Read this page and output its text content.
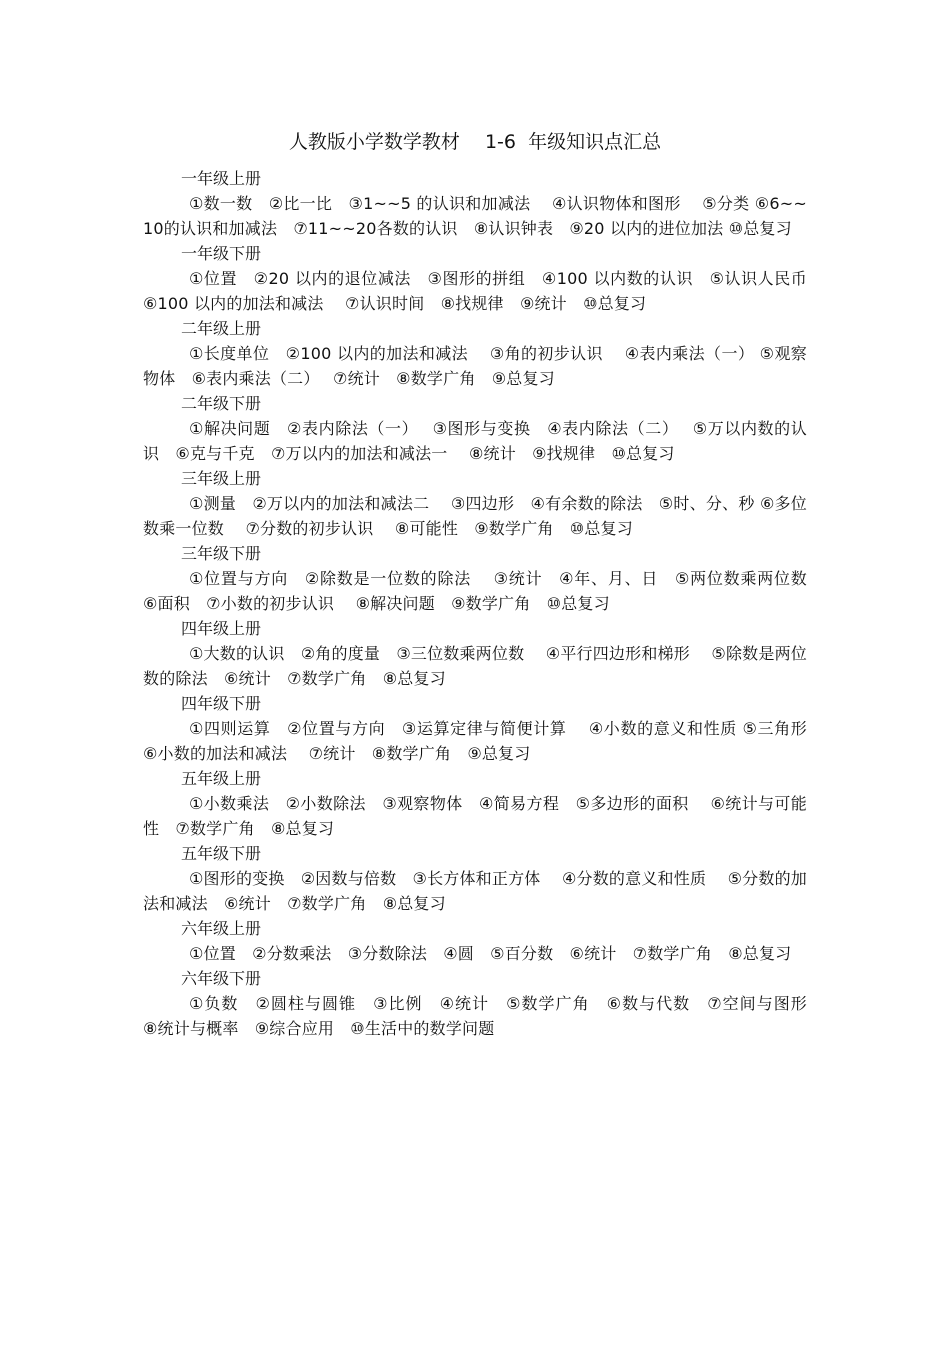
人教版小学数学教材　 1-6  年级知识点汇总

一年级上册

①数一数　②比一比　③1~~5 的认识和加减法　 ④认识物体和图形　 ⑤分类 ⑥6~~10的认识和加减法　⑦11~~20各数的认识　⑧认识钟表　⑨20 以内的进位加法 ⑩总复习

一年级下册

①位置　②20 以内的退位减法　③图形的拼组　④100 以内数的认识　⑤认识人民币　⑥100 以内的加法和减法　 ⑦认识时间　⑧找规律　⑨统计　⑩总复习

二年级上册

①长度单位　②100 以内的加法和减法　 ③角的初步认识　 ④表内乘法（一） ⑤观察物体　⑥表内乘法（二）　 ⑦统计　⑧数学广角　⑨总复习

二年级下册

①解决问题　②表内除法（一）　 ③图形与变换　④表内除法（二）　 ⑤万以内数的认识　⑥克与千克　⑦万以内的加法和减法一　 ⑧统计　⑨找规律　⑩总复习

三年级上册

①测量　②万以内的加法和减法二　 ③四边形　④有余数的除法　⑤时、分、秒 ⑥多位数乘一位数　 ⑦分数的初步认识　 ⑧可能性　⑨数学广角　⑩总复习

三年级下册

①位置与方向　②除数是一位数的除法　 ③统计　④年、月、日　⑤两位数乘两位数　⑥面积　⑦小数的初步认识　 ⑧解决问题　⑨数学广角　⑩总复习

四年级上册

①大数的认识　②角的度量　③三位数乘两位数　 ④平行四边形和梯形　 ⑤除数是两位数的除法　⑥统计　⑦数学广角　⑧总复习

四年级下册

①四则运算　②位置与方向　③运算定律与简便计算　 ④小数的意义和性质 ⑤三角形　⑥小数的加法和减法　 ⑦统计　⑧数学广角　⑨总复习

五年级上册

①小数乘法　②小数除法　③观察物体　④简易方程　⑤多边形的面积　 ⑥统计与可能性　⑦数学广角　⑧总复习

五年级下册

①图形的变换　②因数与倍数　③长方体和正方体　 ④分数的意义和性质　 ⑤分数的加法和减法　⑥统计　⑦数学广角　⑧总复习

六年级上册

①位置　②分数乘法　③分数除法　④圆　⑤百分数　⑥统计　⑦数学广角　⑧总复习

六年级下册

①负数　②圆柱与圆锥　③比例　④统计　⑤数学广角　⑥数与代数　⑦空间与图形　⑧统计与概率　⑨综合应用　⑩生活中的数学问题
